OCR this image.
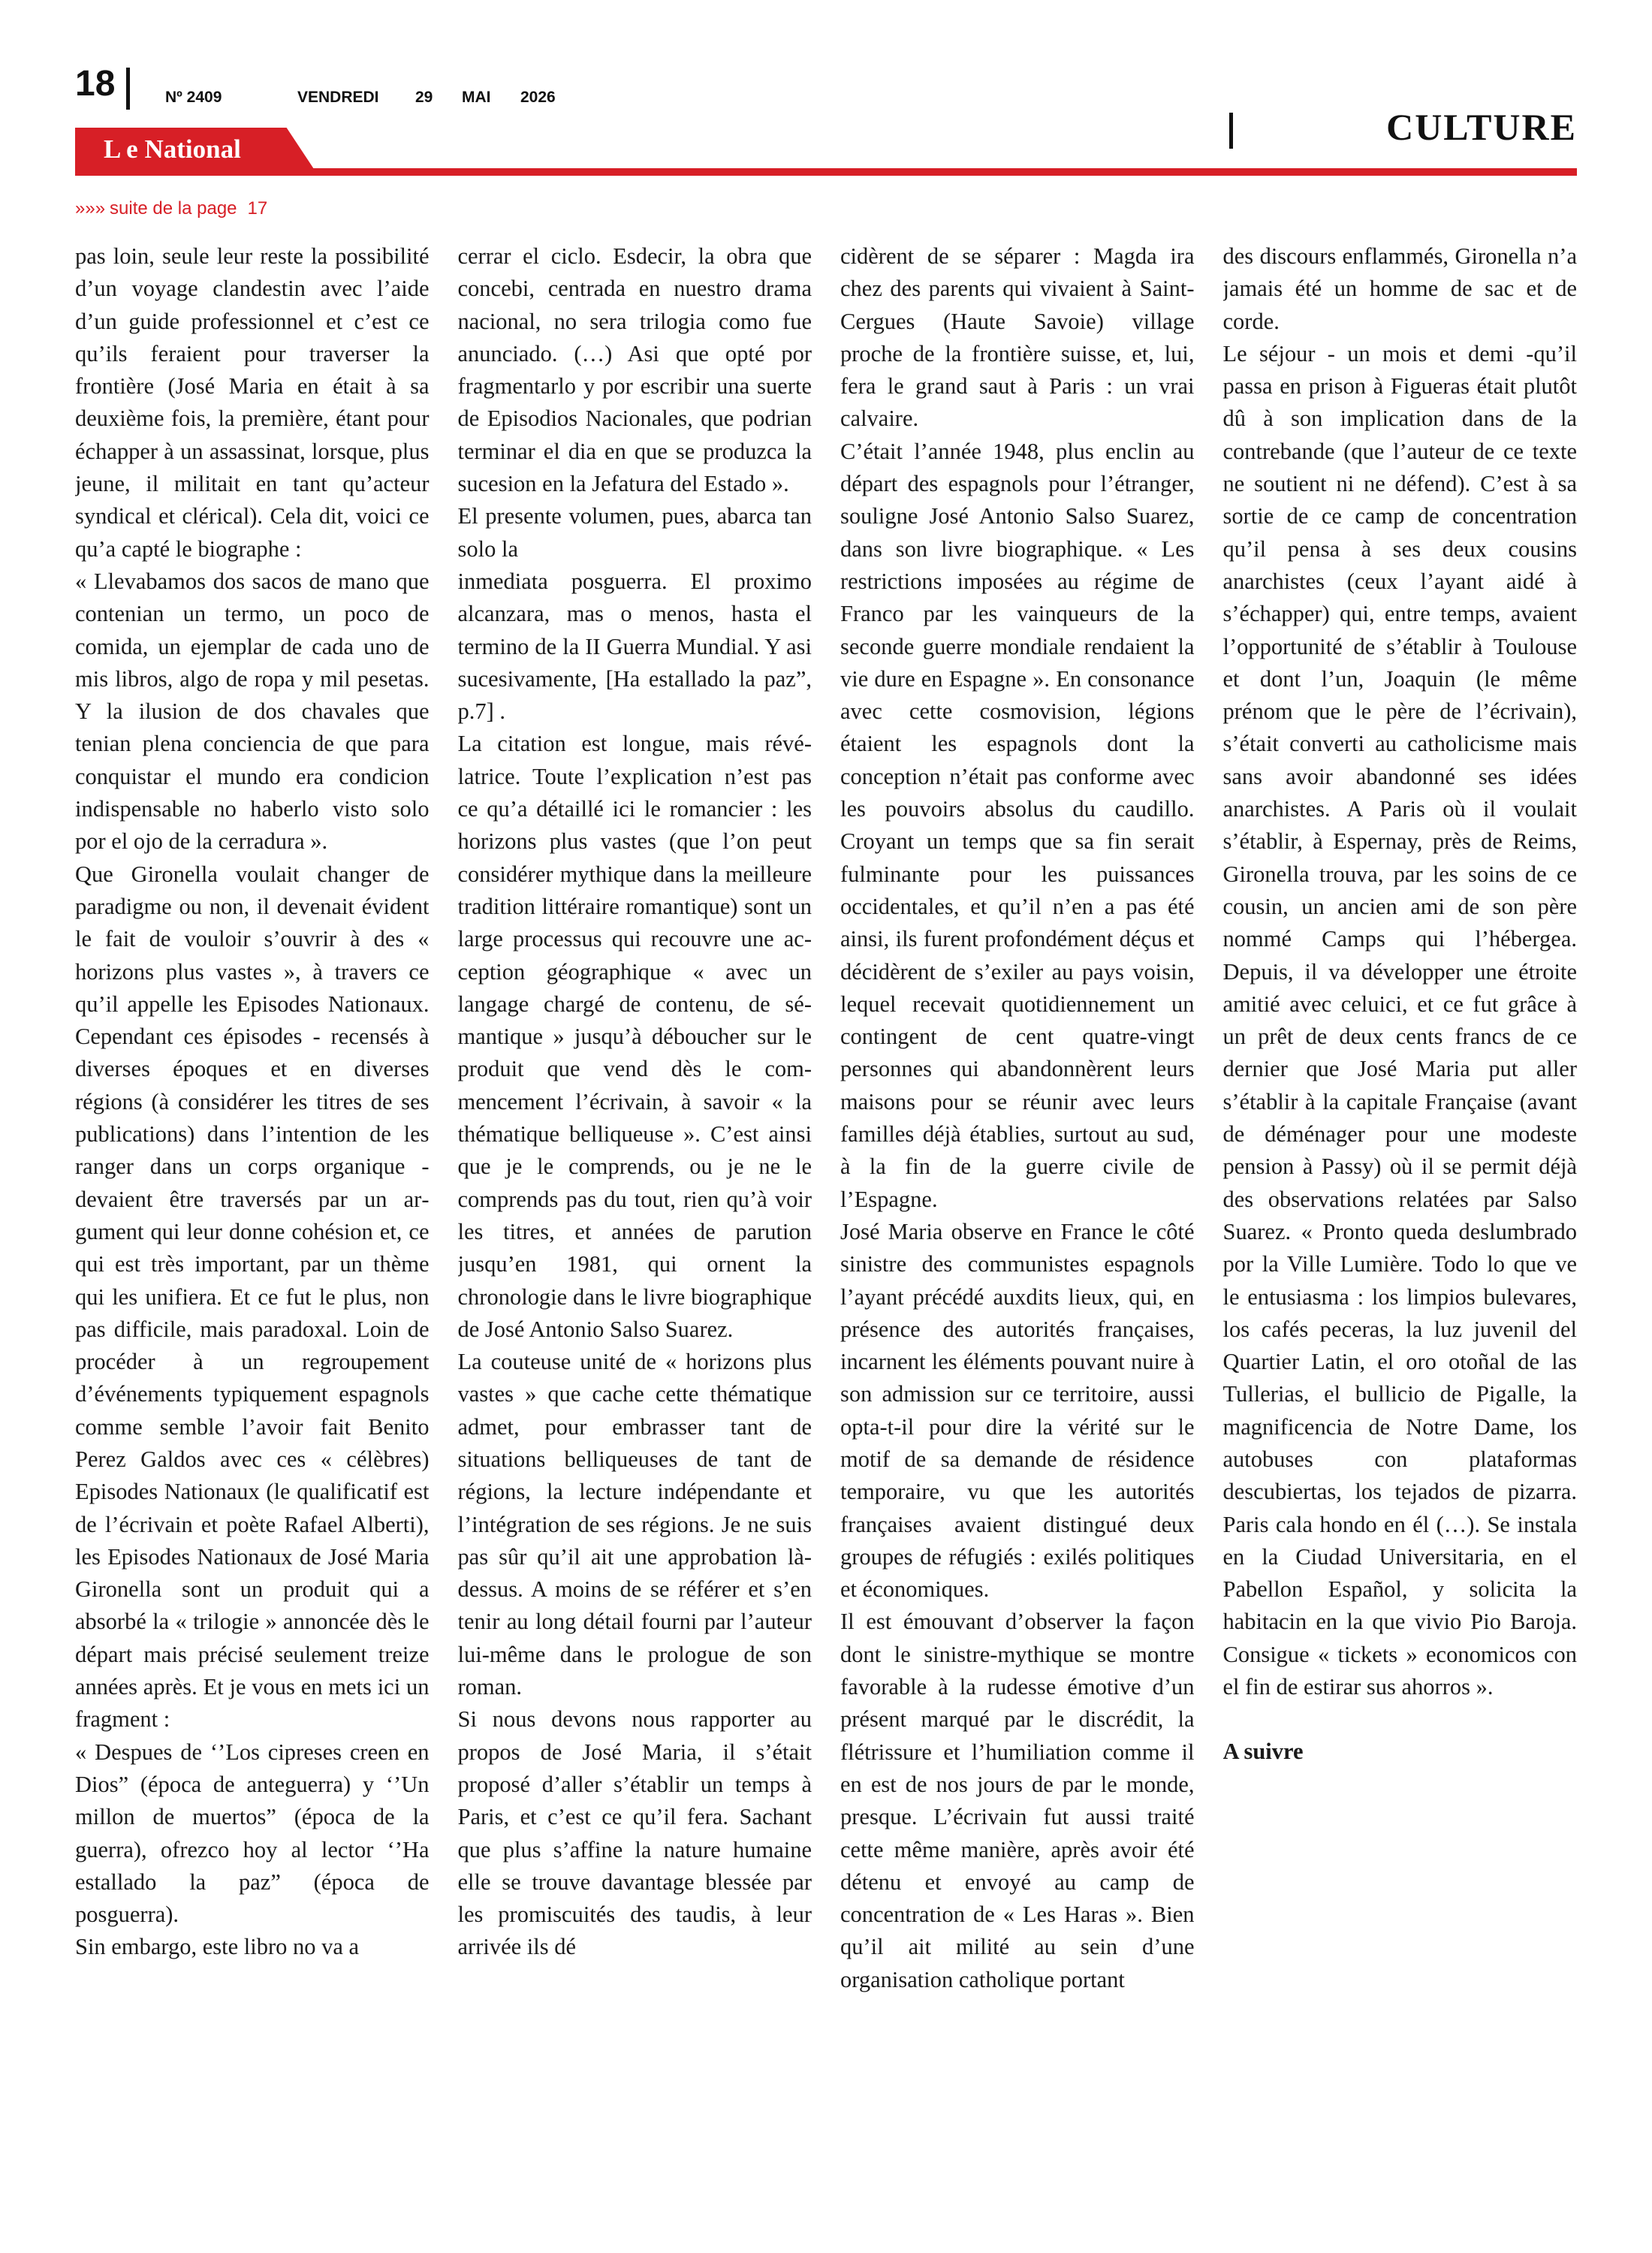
18	Nº 2409	VENDREDI 29 MAI 2026
CULTURE
L e National
»»» suite de la page 17

pas loin, seule leur reste la possibilité d’un voyage clandestin avec l’aide d’un guide professionnel et c’est ce qu’ils feraient pour traverser la frontière (José Maria en était à sa deuxième fois, la première, étant pour échapper à un assassinat, lorsque, plus jeune, il militait en tant qu’acteur syndical et clérical). Cela dit, voici ce qu’a capté le biographe :

« Llevabamos dos sacos de mano que contenian un termo, un poco de comida, un ejemplar de cada uno de mis libros, algo de ropa y mil pesetas. Y la ilusion de dos chavales que tenian plena conciencia de que para conquistar el mundo era condicion indispensable no haberlo visto solo por el ojo de la cerradura ».

Que Gironella voulait changer de paradigme ou non, il devenait évident le fait de vouloir s’ouvrir à des « horizons plus vastes », à travers ce qu’il appelle les Episodes Nationaux. Cependant ces épisodes - recensés à diverses époques et en diverses régions (à considérer les titres de ses publications) dans l’intention de les ranger dans un corps organique - devaient être traversés par un argument qui leur donne cohésion et, ce qui est très important, par un thème qui les unifiera. Et ce fut le plus, non pas difficile, mais paradoxal. Loin de procéder à un regroupement d’événements typiquement espagnols comme semble l’avoir fait Benito Perez Galdos avec ces « célèbres) Episodes Nationaux (le qualificatif est de l’écrivain et poète Rafael Alberti), les Episodes Nationaux de José Maria Gironella sont un produit qui a absorbé la « trilogie » annoncée dès le départ mais précisé seulement treize années après. Et je vous en mets ici un fragment :

« Despues de ‘’Los cipreses creen en Dios” (época de anteguerra) y ‘’Un millon de muertos” (época de la guerra), ofrezco hoy al lector ‘’Ha estallado la paz” (época de posguerra).

Sin embargo, este libro no va a

cerrar el ciclo. Esdecir, la obra que concebi, centrada en nuestro drama nacional, no sera trilogia como fue anunciado. (…) Asi que opté por fragmentarlo y por escribir una suerte de Episodios Nacionales, que podrian terminar el dia en que se produzca la sucesion en la Jefatura del Estado ».

El presente volumen, pues, abarca tan solo la

inmediata posguerra. El proximo alcanzara, mas o menos, hasta el termino de la II Guerra Mundial. Y asi sucesivamente, [Ha estallado la paz”, p.7] .

La citation est longue, mais révélatrice. Toute l’explication n’est pas ce qu’a détaillé ici le romancier : les horizons plus vastes (que l’on peut considérer mythique dans la meilleure tradition littéraire romantique) sont un large processus qui recouvre une acception géographique « avec un langage chargé de contenu, de sémantique » jusqu’à déboucher sur le produit que vend dès le commencement l’écrivain, à savoir « la thématique belliqueuse ». C’est ainsi que je le comprends, ou je ne le comprends pas du tout, rien qu’à voir les titres, et années de parution jusqu’en 1981, qui ornent la chronologie dans le livre biographique de José Antonio Salso Suarez.

La couteuse unité de « horizons plus vastes » que cache cette thématique admet, pour embrasser tant de situations belliqueuses de tant de régions, la lecture indépendante et l’intégration de ses régions. Je ne suis pas sûr qu’il ait une approbation là-dessus. A moins de se référer et s’en tenir au long détail fourni par l’auteur lui-même dans le prologue de son roman.

Si nous devons nous rapporter au propos de José Maria, il s’était proposé d’aller s’établir un temps à Paris, et c’est ce qu’il fera. Sachant que plus s’affine la nature humaine elle se trouve davantage blessée par les promiscuités des taudis, à leur arrivée ils dé

cidèrent de se séparer : Magda ira chez des parents qui vivaient à Saint-Cergues (Haute Savoie) village proche de la frontière suisse, et, lui, fera le grand saut à Paris : un vrai calvaire.

C’était l’année 1948, plus enclin au départ des espagnols pour l’étranger, souligne José Antonio Salso Suarez, dans son livre biographique. « Les restrictions imposées au régime de Franco par les vainqueurs de la seconde guerre mondiale rendaient la vie dure en Espagne ». En consonance avec cette cosmovision, légions étaient les espagnols dont la conception n’était pas conforme avec les pouvoirs absolus du caudillo. Croyant un temps que sa fin serait fulminante pour les puissances occidentales, et qu’il n’en a pas été ainsi, ils furent profondément déçus et décidèrent de s’exiler au pays voisin, lequel recevait quotidiennement un contingent de cent quatre-vingt personnes qui abandonnèrent leurs maisons pour se réunir avec leurs familles déjà établies, surtout au sud, à la fin de la guerre civile de l’Espagne.

José Maria observe en France le côté sinistre des communistes espagnols l’ayant précédé auxdits lieux, qui, en présence des autorités françaises, incarnent les éléments pouvant nuire à son admission sur ce territoire, aussi opta-t-il pour dire la vérité sur le motif de sa demande de résidence temporaire, vu que les autorités françaises avaient distingué deux groupes de réfugiés : exilés politiques et économiques.

Il est émouvant d’observer la façon dont le sinistre-mythique se montre favorable à la rudesse émotive d’un présent marqué par le discrédit, la flétrissure et l’humiliation comme il en est de nos jours de par le monde, presque. L’écrivain fut aussi traité cette même manière, après avoir été détenu et envoyé au camp de concentration de « Les Haras ». Bien qu’il ait milité au sein d’une organisation catholique portant

des discours enflammés, Gironella n’a jamais été un homme de sac et de corde.

Le séjour - un mois et demi -qu’il passa en prison à Figueras était plutôt dû à son implication dans de la contrebande (que l’auteur de ce texte ne soutient ni ne défend). C’est à sa sortie de ce camp de concentration qu’il pensa à ses deux cousins anarchistes (ceux l’ayant aidé à s’échapper) qui, entre temps, avaient l’opportunité de s’établir à Toulouse et dont l’un, Joaquin (le même prénom que le père de l’écrivain), s’était converti au catholicisme mais sans avoir abandonné ses idées anarchistes. A Paris où il voulait s’établir, à Espernay, près de Reims, Gironella trouva, par les soins de ce cousin, un ancien ami de son père nommé Camps qui l’hébergea. Depuis, il va développer une étroite amitié avec celuici, et ce fut grâce à un prêt de deux cents francs de ce dernier que José Maria put aller s’établir à la capitale Française (avant de déménager pour une modeste pension à Passy) où il se permit déjà des observations relatées par Salso Suarez. « Pronto queda deslumbrado por la Ville Lumière. Todo lo que ve le entusiasma : los limpios bulevares, los cafés peceras, la luz juvenil del Quartier Latin, el oro otoñal de las Tullerias, el bullicio de Pigalle, la magnificencia de Notre Dame, los autobuses con plataformas descubiertas, los tejados de pizarra. Paris cala hondo en él (…). Se instala en la Ciudad Universitaria, en el Pabellon Español, y solicita la habitacin en la que vivio Pio Baroja. Consigue « tickets » economicos con el fin de estirar sus ahorros ».

A suivre
